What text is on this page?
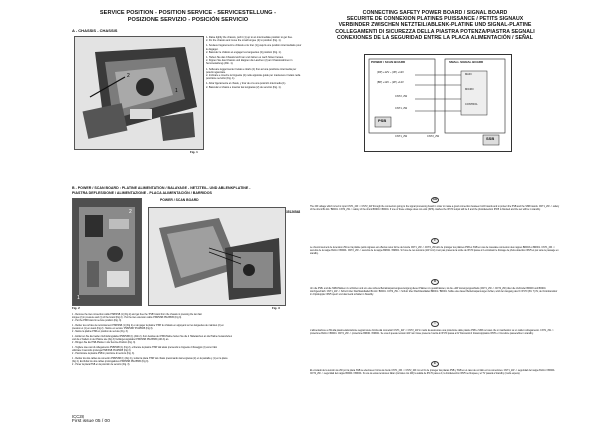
SERVICE POSITION - POSITION SERVICE - SERVICESTELLUNG -
POSIZIONE SERVIZIO - POSICIÓN SERVICIO
A - CHASSIS - CHASSIS
2
1
Fig. 1
1- Raise lightly the chassis, pull it (1) up to an intermediate position to get free.
2- Fix the chassis and move the small tongue (2) to position (Fig. 1).
1- Soulever légèrement le châssis et le tirer (1) jusqu'à une position intermédiaire pour le dégager.
2- Basculer le châssis et engager les languettes (2) position (Fig. 1).
1- Heben Sie das Chassis leicht an und ziehen es nach hinten heraus.
2- Kippen Sie das Chassis und klappen die Laschen (2) am Chassisrahmen in Servicestellung (Abb. 1).
1- Sollevare leggermente il telaio e tirarlo (1) fino ad una posizione intermedia per poterlo sganciare.
2- Inclinare e inserire le linguette (2) nelle apposite guide per mantenere il telaio nella posizione servizio (Fig. 1).
1- Alzar ligeramente el chasis, y tirar de él a una posición intermedia (1).
2- Bascular el chasis e insertar las lengüetas (2) de servicio (Fig. 1).
B - POWER / SCAN BOARD : PLATINE ALIMENTATION / BALAYAGE - NETZTEIL- UND ABLENKPLATINE -
PIASTRA DEFLESSIONE / ALIMENTAZIONE - PLACA ALIMENTACIÓN / BARRIDOS
1
2
Fig. 2
POWER / SCAN BOARD
35126548
Fig. 3
1 - Remove the two connection cable PSB/SSB (1) (Fig 2) and get free the 'PSB' board from the chassis in pressing the two fast
tongue (2) in pressure and (1) of the board (Fig 2) . Put the two extension cable PSB/SSB 35125665 (Fig 3).
2 - Put the PSB board in service position (Fig. 3).
1 - Retirer les ca´bles de raccordement PSB/SSB (1) (Fig 2) et de´gager la platine 'PSB' du châssis en appuyant sur les languettes de maintien (2) en
pression et (1) en avant (Fig 2) . Mettre en service 'PSB/SSB' 35125665 (Fig 3).
2 - Mettre la platine PSB en position de service (Fig. 3).
1 - Entfernen Sie die beiden Verbindungskabel PSB/SSB (1) (Abb 2). Zum Ausbau der PSB-Platine heben Sie die 2 Haltelaschen an die Platine herausziehen
und die 2 Kabeln in der Platine wie (Fig.3) Verlängerungskabel PSB/SSB 35125665 (Abb 3) an.
2 - Bringen Sie die PSB-Platine in die Service-Position (Fig. 3).
1 - Togliere due cavi di collegamento PSB/SSB (1) (Fig 2), e liberare la piastra 'PSB' dal telaio premendo le linguette di fissaggio (2) verso l'alto
utilizzare il raccordo prolunga PSB/SSB 35125665 (Fig 3).
2 - Posizionare la piastra PSB in posizione di servicio (Fig. 3).
1 - Retirar los dos cables de conexión PSB/SSB (1) (Fig 2) y soltar la placa 'PSB' del chasis presionando las lengüetas (2) en la pantalla y (1) en la placa
(Fig 2). Enchufar los dos cables prolongadores PSB/SSB 35125665 (Fig 3).
2 - Poner la placa PSB en la posición de servicio (Fig. 3).
ICC28
First issue 05 / 00
CONNECTING SAFETY POWER BOARD / SIGNAL BOARD
SECURITE DE CONNEXION PLATINES PUISSANCE / PETITS SIGNAUX
VERBINDER ZWISCHEN NETZTEIL/ABLENK-PLATINE UND SIGNAL-PLATINE
COLLEGAMENTI DI SICUREZZA DELLA PIASTRA POTENZA/PIASTRA SEGNALI
CONEXIONES DE LA SEGURIDAD ENTRE LA PLACA ALIMENTACIÓN / SEÑAL
POWER / SCAN BOARD	SMALL SIGNAL BOARD
(RP) +12V ~ (3P) +12V
(BP) +12V ~ (2P) +12V
CNT2, 2W
CNT1, 2W
MAIN
MICRO
CONTROL
PSB
SSB
CNT1_2W	CNT2_2W
GB
The 2W voltage which is fed in input CNT1_2W -> CNT2_2W through the connectors going to the signal processing board in order to make a good connection between both boards and to protect the PSB and the SSB boards. CNT1_2W -> safety of the shunt BL111 / BR001. CNT2_2W -> safety of the shunt BR001 / BR001. If one of these voltage does not exist (SPS) crashes the IP170 output will be 0 and the photodetection IP0/5 is blocked and the set will be in standby.
F
Le chevronnement de la tension 2W sur la platine petits signaux est effectué sous forme de boucle CNT1_2W -> CNT2_2W afin de protéger les platines PSB et SSB en cas de mauvaise connexion des nappes BR003 et BR001. CNT1_2W -> sécurité de la nappe BL111 / BR001. CNT2_2W -> sécurité de la nappe BR001 / BR001. Si l'une de ces tensions (2W nmtr) n'est pas présente la sortie de IP170 passe à 0 entraînant le blocage de photo-détection IP0/5 et par suite le passage en standby.
D
Um die PSB- und die SSB-Platinen zu schützen und um eine sichere Betriebsspannungsversorgung dieser Platinen zu gewährleisten, ist die +2W Versorgungsschleife (CNT1_2W -> CNT2_2W) über die Verbinder BR003 und BR001 durchgeschleift. CNT1_2W -> Schutz über Flachbandkabel BL111 / BR001. CNT2_2W -> Schutz über Flachbandkabel BR001 / BR001. Sollte eine dieser Betriebsspannungen fehlen, wird der Ausgang des IC IP170 (Pin 7) 0V, der Fototransistor im Optokoppler IP0/5 sperrt und das Gerät schaltet in Standby.
I
L'alimentazione a 2W alla piastra elaborazione segnali viene fornita dai connettori CNT1_2W -> CNT2_2W in modo da assicurare una protezione delle piastre PSB e SSB nel caso che si manifestino su un cattivo collegamento. CNT1_2W -> protezione BL111 / BR001. CNT2_2W -> protezione BR001 / BR001. Se una di queste tensioni 2W non fosse presente l'uscita di IP170 passa a 0V bloccando il fotoaccoppiatore IP0/5 e il ricevitore passerebbe in standby.
E
El enrutado de la tensión de 2W por la placa SSB se efectúa en forma de bucle CNT1_2W -> CNT2_2W con el fin de proteger las placas PSB y SSB en el caso de un fallo en los conectores. CNT1_2W -> seguridad del nappe BL111 / BR001. CNT2_2W -> seguridad del nappe BR001 / BR001. Si una de estas tensiones faltan (inclusive los 2W) la salida de IP170 pasa a 0, la fotodetección IP0/5 se bloquea y el TV pasará a Standby (modo espera).
